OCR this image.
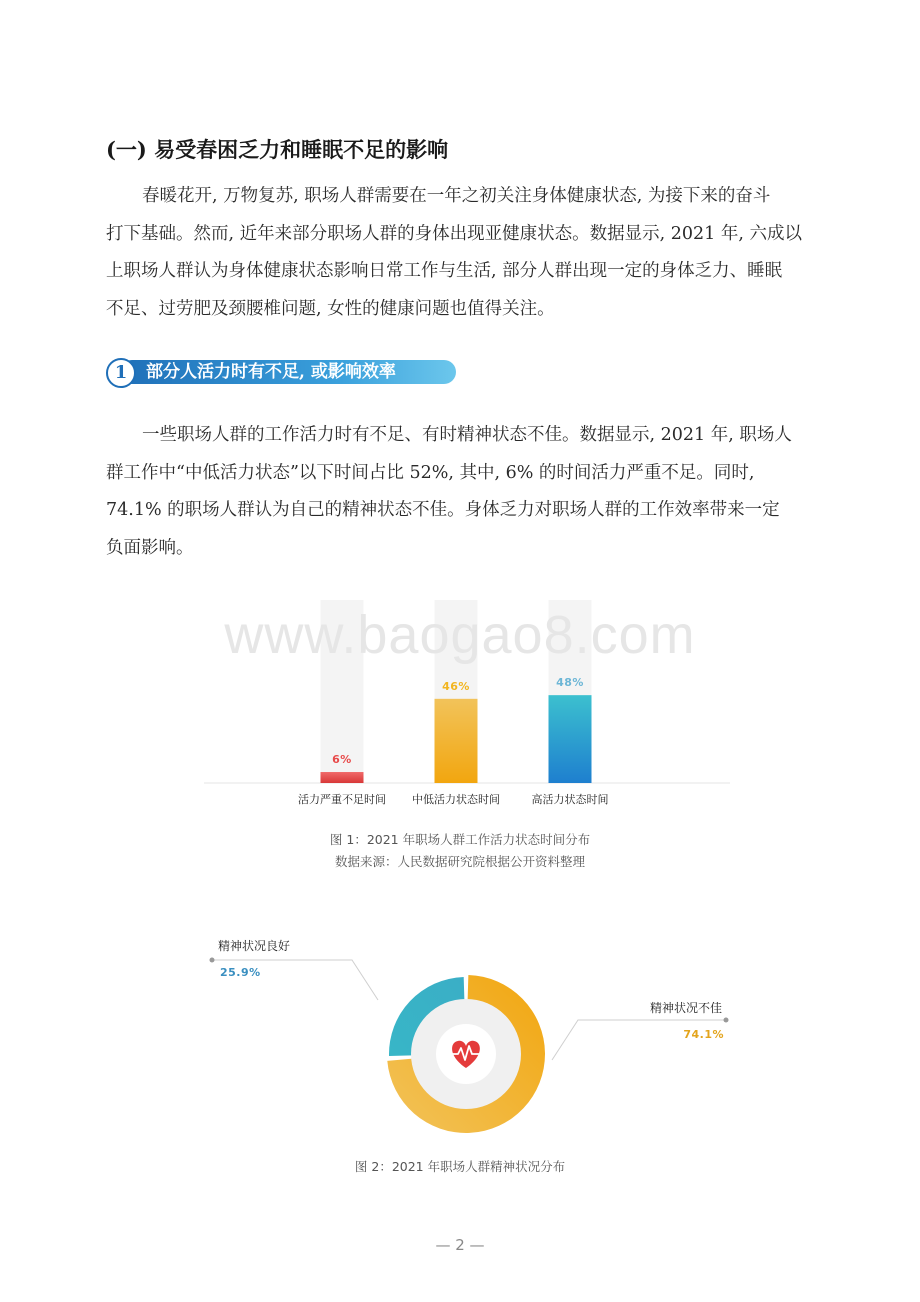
(一) 易受春困乏力和睡眠不足的影响
春暖花开, 万物复苏, 职场人群需要在一年之初关注身体健康状态, 为接下来的奋斗
打下基础。然而, 近年来部分职场人群的身体出现亚健康状态。数据显示, 2021 年, 六成以
上职场人群认为身体健康状态影响日常工作与生活, 部分人群出现一定的身体乏力、睡眠
不足、过劳肥及颈腰椎问题, 女性的健康问题也值得关注。
1	部分人活力时有不足, 或影响效率
一些职场人群的工作活力时有不足、有时精神状态不佳。数据显示, 2021 年, 职场人
群工作中“中低活力状态”以下时间占比 52%, 其中, 6% 的时间活力严重不足。同时,
74.1% 的职场人群认为自己的精神状态不佳。身体乏力对职场人群的工作效率带来一定
负面影响。
www.baogao8.com
6%
活力严重不足时间
46%
中低活力状态时间
48%
高活力状态时间
图 1：2021 年职场人群工作活力状态时间分布
数据来源：人民数据研究院根据公开资料整理
精神状况良好
25.9%
精神状况不佳
74.1%
图 2：2021 年职场人群精神状况分布
— 2 —
